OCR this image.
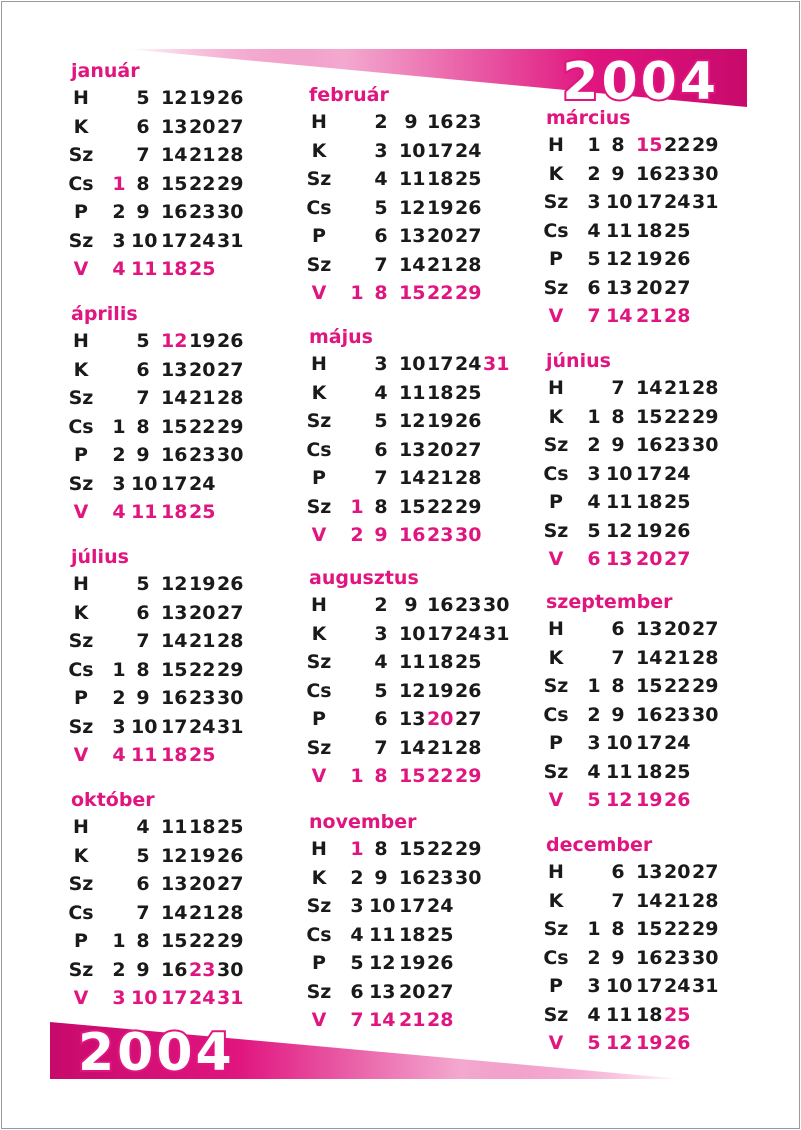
2004
2004
január
H	5 12 19 26
K	6 13 20 27
Sz 7 14 21 28
Cs 1 8 15 22 29
P	2 9 16 23 30
Sz 3 10 17 24 31
V	4 11 18 25
február
H	2 9 16 23
K	3 10 17 24
Sz 4 11 18 25
Cs 5 12 19 26
P	6 13 20 27
Sz 7 14 21 28
V	1 8 15 22 29
március
H	1 8 15 22 29
K	2 9 16 23 30
Sz 3 10 17 24 31
Cs 4 11 18 25
P	5 12 19 26
Sz 6 13 20 27
V	7 14 21 28
április
H	5 12 19 26
K	6 13 20 27
Sz 7 14 21 28
Cs 1 8 15 22 29
P	2 9 16 23 30
Sz 3 10 17 24
V	4 11 18 25
május
H	3 10 17 24 31
K	4 11 18 25
Sz 5 12 19 26
Cs 6 13 20 27
P	7 14 21 28
Sz 1 8 15 22 29
V	2 9 16 23 30
június
H	7 14 21 28
K	1 8 15 22 29
Sz 2 9 16 23 30
Cs 3 10 17 24
P	4 11 18 25
Sz 5 12 19 26
V	6 13 20 27
július
H	5 12 19 26
K	6 13 20 27
Sz 7 14 21 28
Cs 1 8 15 22 29
P	2 9 16 23 30
Sz 3 10 17 24 31
V	4 11 18 25
augusztus
H	2 9 16 23 30
K	3 10 17 24 31
Sz 4 11 18 25
Cs 5 12 19 26
P	6 13 20 27
Sz 7 14 21 28
V	1 8 15 22 29
szeptember
H	6 13 20 27
K	7 14 21 28
Sz 1 8 15 22 29
Cs 2 9 16 23 30
P	3 10 17 24
Sz 4 11 18 25
V	5 12 19 26
október
H	4 11 18 25
K	5 12 19 26
Sz 6 13 20 27
Cs 7 14 21 28
P	1 8 15 22 29
Sz 2 9 16 23 30
V	3 10 17 24 31
november
H	1 8 15 22 29
K	2 9 16 23 30
Sz 3 10 17 24
Cs 4 11 18 25
P	5 12 19 26
Sz 6 13 20 27
V	7 14 21 28
december
H	6 13 20 27
K	7 14 21 28
Sz 1 8 15 22 29
Cs 2 9 16 23 30
P	3 10 17 24 31
Sz 4 11 18 25
V	5 12 19 26
